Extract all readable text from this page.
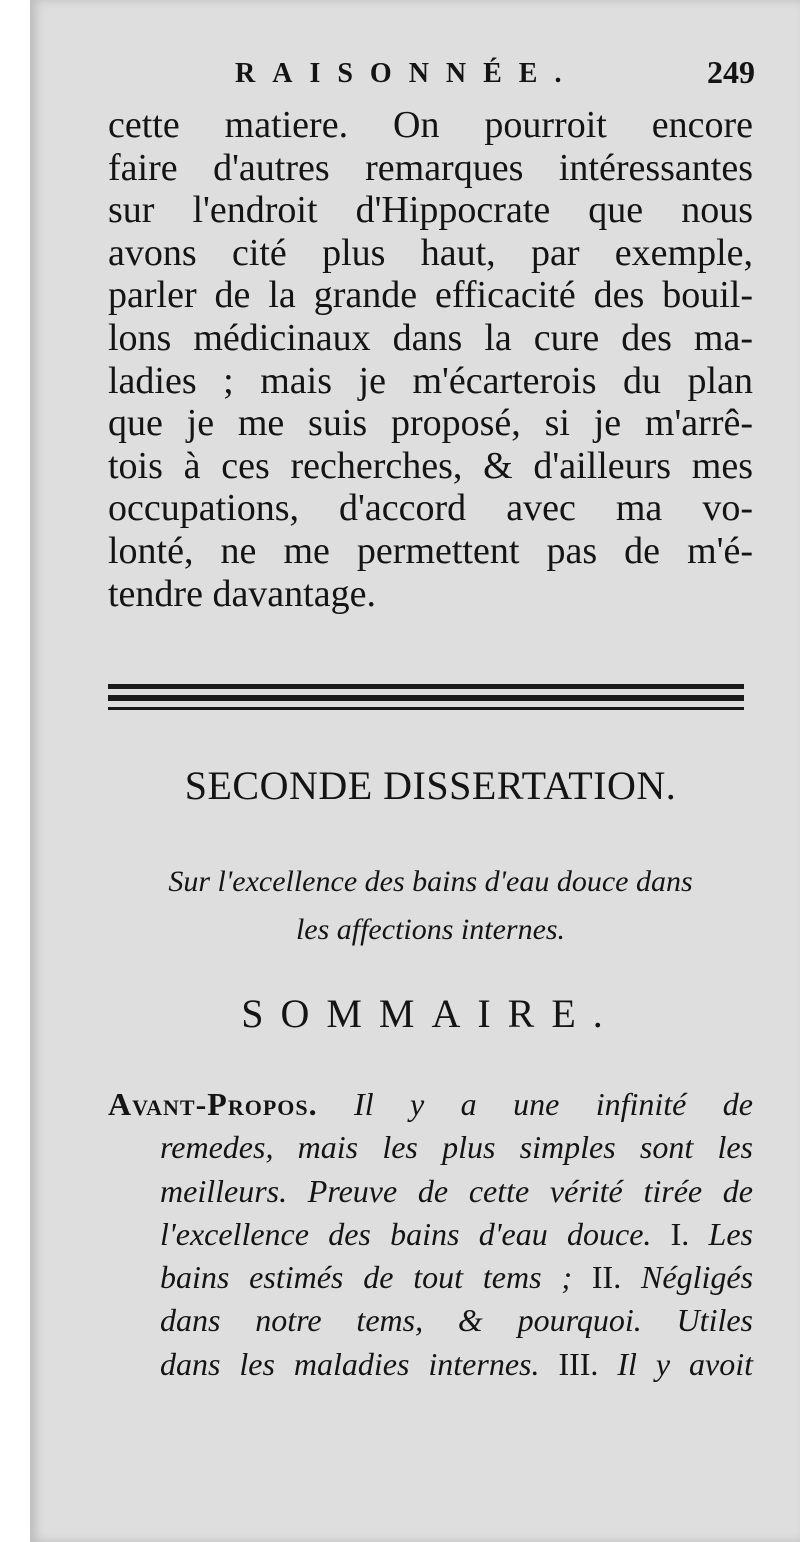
RAISONNÉE.	249
cette matiere. On pourroit encore
faire d'autres remarques intéressantes
sur l'endroit d'Hippocrate que nous
avons cité plus haut, par exemple,
parler de la grande efficacité des bouil-
lons médicinaux dans la cure des ma-
ladies ; mais je m'écarterois du plan
que je me suis proposé, si je m'arrê-
tois à ces recherches, & d'ailleurs mes
occupations, d'accord avec ma vo-
lonté, ne me permettent pas de m'é-
tendre davantage.
SECONDE DISSERTATION.
Sur l'excellence des bains d'eau douce dans
les affections internes.
SOMMAIRE.
Avant-Propos. Il y a une infinité de
remedes, mais les plus simples sont les
meilleurs. Preuve de cette vérité tirée de
l'excellence des bains d'eau douce. I. Les
bains estimés de tout tems ; II. Négligés
dans notre tems, & pourquoi. Utiles
dans les maladies internes. III. Il y avoit
